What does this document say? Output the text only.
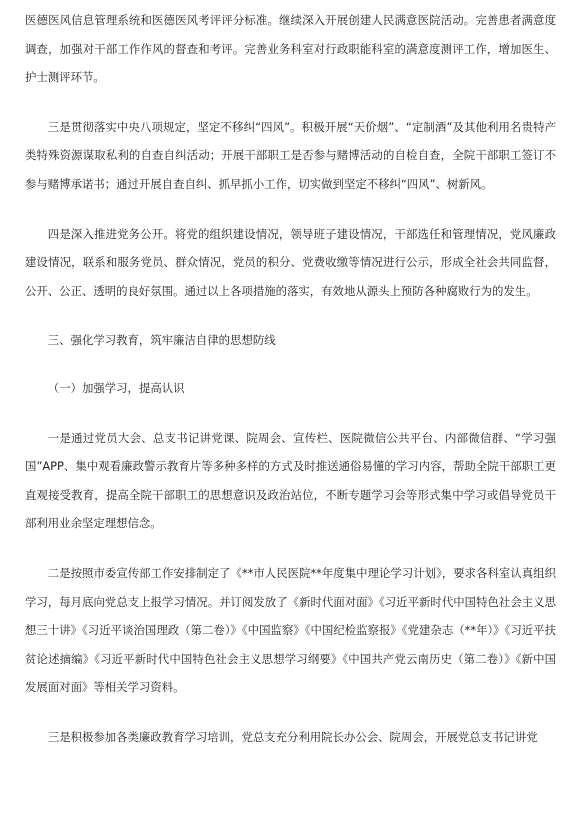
医德医风信息管理系统和医德医风考评评分标准。继续深入开展创建人民满意医院活动。完善患者满意度调查，加强对干部工作作风的督查和考评。完善业务科室对行政职能科室的满意度测评工作，增加医生、护士测评环节。

三是贯彻落实中央八项规定，坚定不移纠“四风”。积极开展“天价烟”、“定制酒”及其他利用名贵特产类特殊资源谋取私利的自查自纠活动；开展干部职工是否参与赌博活动的自检自查，全院干部职工签订不参与赌博承诺书；通过开展自查自纠、抓早抓小工作，切实做到坚定不移纠“四风”、树新风。

四是深入推进党务公开。将党的组织建设情况，领导班子建设情况，干部选任和管理情况，党风廉政建设情况，联系和服务党员、群众情况，党员的积分、党费收缴等情况进行公示，形成全社会共同监督，公开、公正、透明的良好氛围。通过以上各项措施的落实，有效地从源头上预防各种腐败行为的发生。

三、强化学习教育，筑牢廉洁自律的思想防线

（一）加强学习，提高认识

一是通过党员大会、总支书记讲党课、院周会、宣传栏、医院微信公共平台、内部微信群、“学习强国”APP、集中观看廉政警示教育片等多种多样的方式及时推送通俗易懂的学习内容，帮助全院干部职工更直观接受教育，提高全院干部职工的思想意识及政治站位，不断专题学习会等形式集中学习或倡导党员干部利用业余坚定理想信念。

二是按照市委宣传部工作安排制定了《**市人民医院**年度集中理论学习计划》，要求各科室认真组织学习，每月底向党总支上报学习情况。并订阅发放了《新时代面对面》《习近平新时代中国特色社会主义思想三十讲》《习近平谈治国理政（第二卷）》《中国监察》《中国纪检监察报》《党建杂志（**年）》《习近平扶贫论述摘编》《习近平新时代中国特色社会主义思想学习纲要》《中国共产党云南历史（第二卷）》《新中国发展面对面》等相关学习资料。

三是积极参加各类廉政教育学习培训，党总支充分利用院长办公会、院周会，开展党总支书记讲党
